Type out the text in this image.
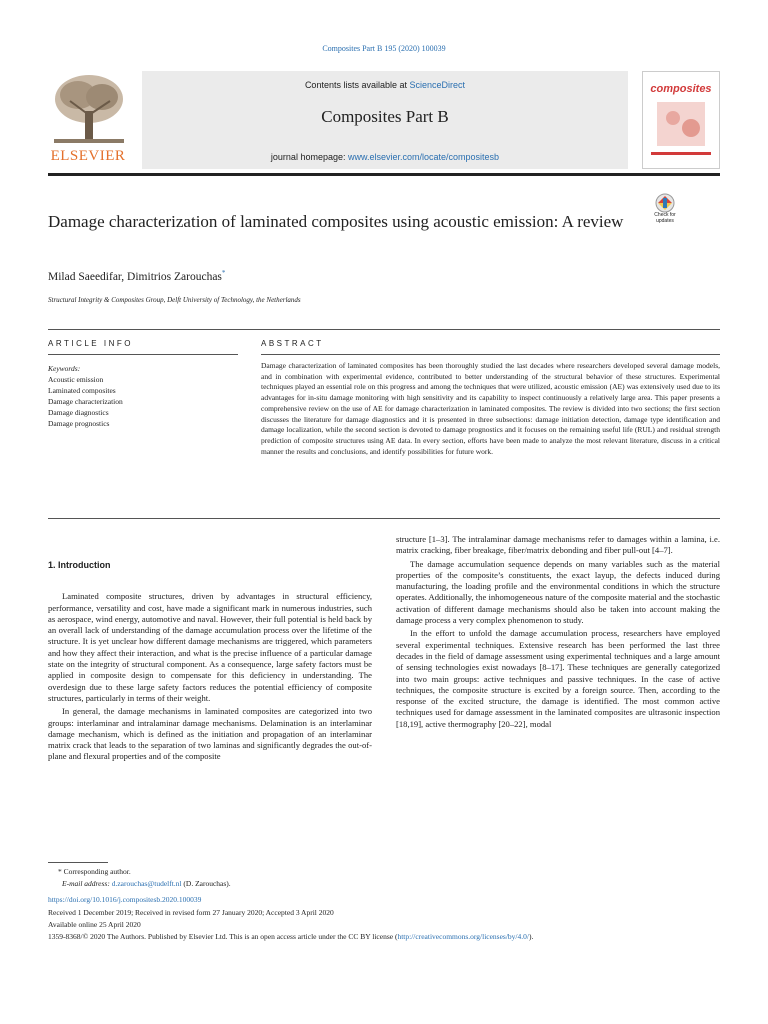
Composites Part B 195 (2020) 100039
ELSEVIER
Contents lists available at ScienceDirect
Composites Part B
journal homepage: www.elsevier.com/locate/compositesb
composites
Check for updates
Damage characterization of laminated composites using acoustic emission: A review
Milad Saeedifar, Dimitrios Zarouchas*
Structural Integrity & Composites Group, Delft University of Technology, the Netherlands
ARTICLE INFO	ABSTRACT
Keywords:
Acoustic emission
Laminated composites
Damage characterization
Damage diagnostics
Damage prognostics
Damage characterization of laminated composites has been thoroughly studied the last decades where researchers developed several damage models, and in combination with experimental evidence, contributed to better understanding of the structural behavior of these structures. Experimental techniques played an essential role on this progress and among the techniques that were utilized, acoustic emission (AE) was extensively used due to its advantages for in-situ damage monitoring with high sensitivity and its capability to inspect continuously a relatively large area. This paper presents a comprehensive review on the use of AE for damage characterization in laminated composites. The review is divided into two sections; the first section discusses the literature for damage diagnostics and it is presented in three subsections: damage initiation detection, damage type identification and damage localization, while the second section is devoted to damage prognostics and it focuses on the remaining useful life (RUL) and residual strength prediction of composite structures using AE data. In every section, efforts have been made to analyze the most relevant literature, discuss in a critical manner the results and conclusions, and identify possibilities for future work.
1. Introduction

Laminated composite structures, driven by advantages in structural efficiency, performance, versatility and cost, have made a significant mark in numerous industries, such as aerospace, wind energy, automotive and naval. However, their full potential is held back by an overall lack of understanding of the damage accumulation process over the lifetime of the structure. It is yet unclear how different damage mechanisms are triggered, which parameters and how they affect their interaction, and what is the precise influence of a particular damage state on the integrity of structural component. As a consequence, large safety factors must be applied in composite design to compensate for this deficiency in understanding. The overdesign due to these large safety factors reduces the potential efficiency of composite structures, particularly in terms of their weight.

In general, the damage mechanisms in laminated composites are categorized into two groups: interlaminar and intralaminar damage mechanisms. Delamination is an interlaminar damage mechanism, which is defined as the initiation and propagation of an interlaminar matrix crack that leads to the separation of two laminas and significantly degrades the out-of-plane and flexural properties and of the composite

structure [1–3]. The intralaminar damage mechanisms refer to damages within a lamina, i.e. matrix cracking, fiber breakage, fiber/matrix debonding and fiber pull-out [4–7].

The damage accumulation sequence depends on many variables such as the material properties of the composite’s constituents, the exact layup, the defects induced during manufacturing, the loading profile and the environmental conditions in which the structure operates. Additionally, the inhomogeneous nature of the composite material and the stochastic activation of different damage mechanisms should also be taken into account making the damage process a very complex phenomenon to study.

In the effort to unfold the damage accumulation process, researchers have employed several experimental techniques. Extensive research has been performed the last three decades in the field of damage assessment using experimental techniques and a large amount of sensing technologies exist nowadays [8–17]. These techniques are generally categorized into two main groups: active techniques and passive techniques. In the case of active techniques, the composite structure is excited by a foreign source. Then, according to the response of the excited structure, the damage is identified. The most common active techniques used for damage assessment in the laminated composites are ultrasonic inspection [18,19], active thermography [20–22], modal

* Corresponding author.
E-mail address: d.zarouchas@tudelft.nl (D. Zarouchas).
https://doi.org/10.1016/j.compositesb.2020.100039
Received 1 December 2019; Received in revised form 27 January 2020; Accepted 3 April 2020
Available online 25 April 2020
1359-8368/© 2020 The Authors. Published by Elsevier Ltd. This is an open access article under the CC BY license (http://creativecommons.org/licenses/by/4.0/).
